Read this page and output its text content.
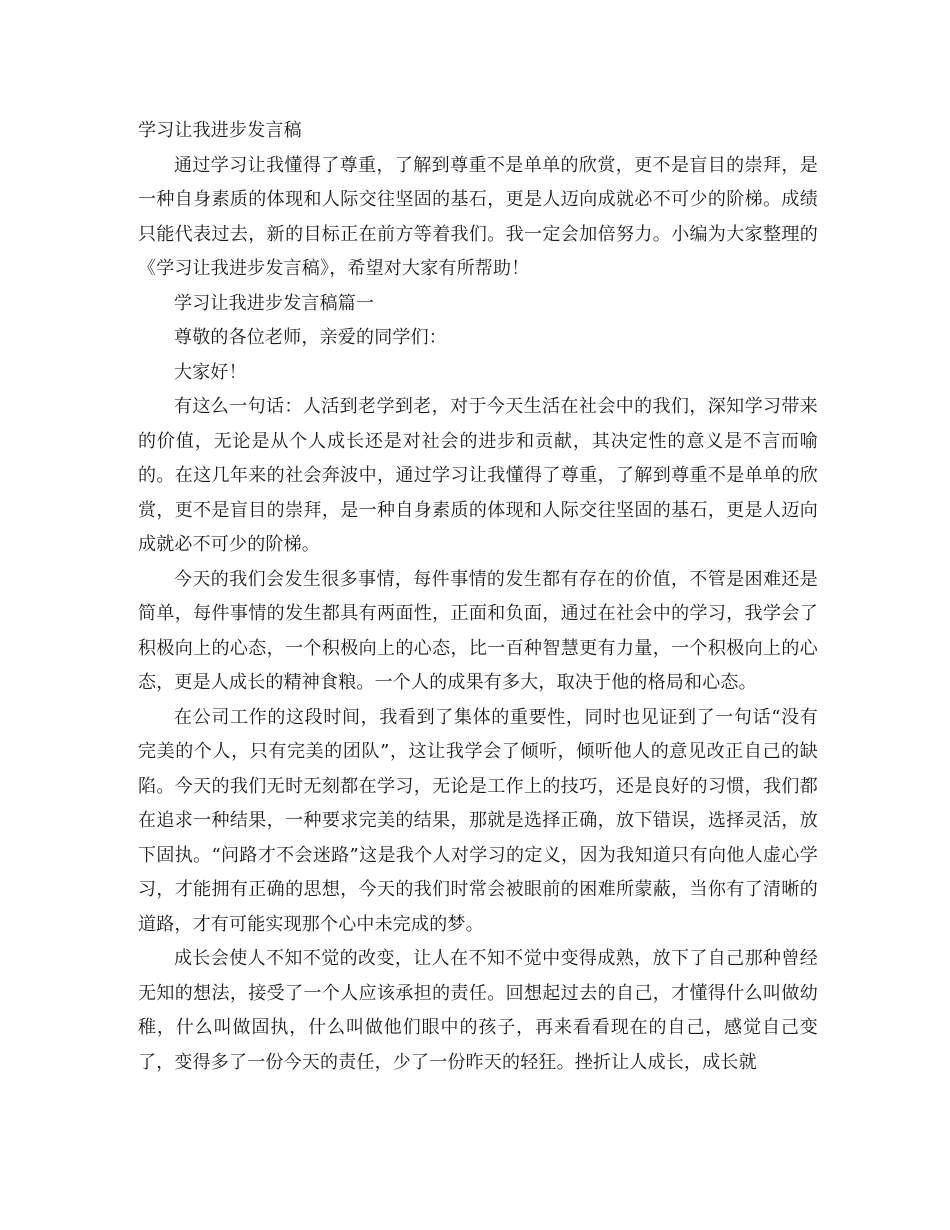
学习让我进步发言稿

通过学习让我懂得了尊重，了解到尊重不是单单的欣赏，更不是盲目的崇拜，是一种自身素质的体现和人际交往坚固的基石，更是人迈向成就必不可少的阶梯。成绩只能代表过去，新的目标正在前方等着我们。我一定会加倍努力。小编为大家整理的《学习让我进步发言稿》，希望对大家有所帮助！

学习让我进步发言稿篇一

尊敬的各位老师，亲爱的同学们：

大家好！

有这么一句话：人活到老学到老，对于今天生活在社会中的我们，深知学习带来的价值，无论是从个人成长还是对社会的进步和贡献，其决定性的意义是不言而喻的。在这几年来的社会奔波中，通过学习让我懂得了尊重，了解到尊重不是单单的欣赏，更不是盲目的崇拜，是一种自身素质的体现和人际交往坚固的基石，更是人迈向成就必不可少的阶梯。

今天的我们会发生很多事情，每件事情的发生都有存在的价值，不管是困难还是简单，每件事情的发生都具有两面性，正面和负面，通过在社会中的学习，我学会了积极向上的心态，一个积极向上的心态，比一百种智慧更有力量，一个积极向上的心态，更是人成长的精神食粮。一个人的成果有多大，取决于他的格局和心态。

在公司工作的这段时间，我看到了集体的重要性，同时也见证到了一句话“没有完美的个人，只有完美的团队”，这让我学会了倾听，倾听他人的意见改正自己的缺陷。今天的我们无时无刻都在学习，无论是工作上的技巧，还是良好的习惯，我们都在追求一种结果，一种要求完美的结果，那就是选择正确，放下错误，选择灵活，放下固执。“问路才不会迷路”这是我个人对学习的定义，因为我知道只有向他人虚心学习，才能拥有正确的思想，今天的我们时常会被眼前的困难所蒙蔽，当你有了清晰的道路，才有可能实现那个心中未完成的梦。

成长会使人不知不觉的改变，让人在不知不觉中变得成熟，放下了自己那种曾经无知的想法，接受了一个人应该承担的责任。回想起过去的自己，才懂得什么叫做幼稚，什么叫做固执，什么叫做他们眼中的孩子，再来看看现在的自己，感觉自己变了，变得多了一份今天的责任，少了一份昨天的轻狂。挫折让人成长，成长就
